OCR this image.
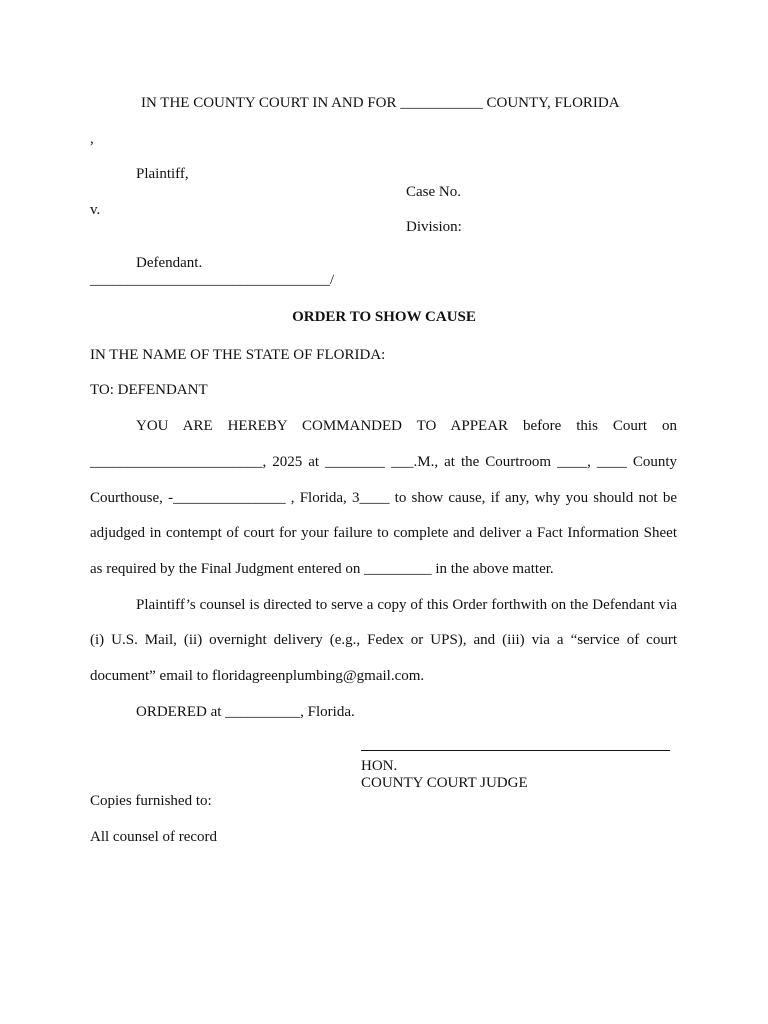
IN THE COUNTY COURT IN AND FOR ___________ COUNTY, FLORIDA
,
Plaintiff,
Case No.
v.
Division:
Defendant.
________________________________/
ORDER TO SHOW CAUSE
IN THE NAME OF THE STATE OF FLORIDA:
TO: DEFENDANT
YOU ARE HEREBY COMMANDED TO APPEAR before this Court on
_______________________, 2025 at ________ ___.M., at the Courtroom ____, ____ County
Courthouse, -_______________ , Florida, 3____ to show cause, if any, why you should not be
adjudged in contempt of court for your failure to complete and deliver a Fact Information Sheet
as required by the Final Judgment entered on _________ in the above matter.
Plaintiff’s counsel is directed to serve a copy of this Order forthwith on the Defendant via
(i) U.S. Mail, (ii) overnight delivery (e.g., Fedex or UPS), and (iii) via a “service of court
document” email to floridagreenplumbing@gmail.com.
ORDERED at __________, Florida.
HON.
COUNTY COURT JUDGE
Copies furnished to:
All counsel of record
